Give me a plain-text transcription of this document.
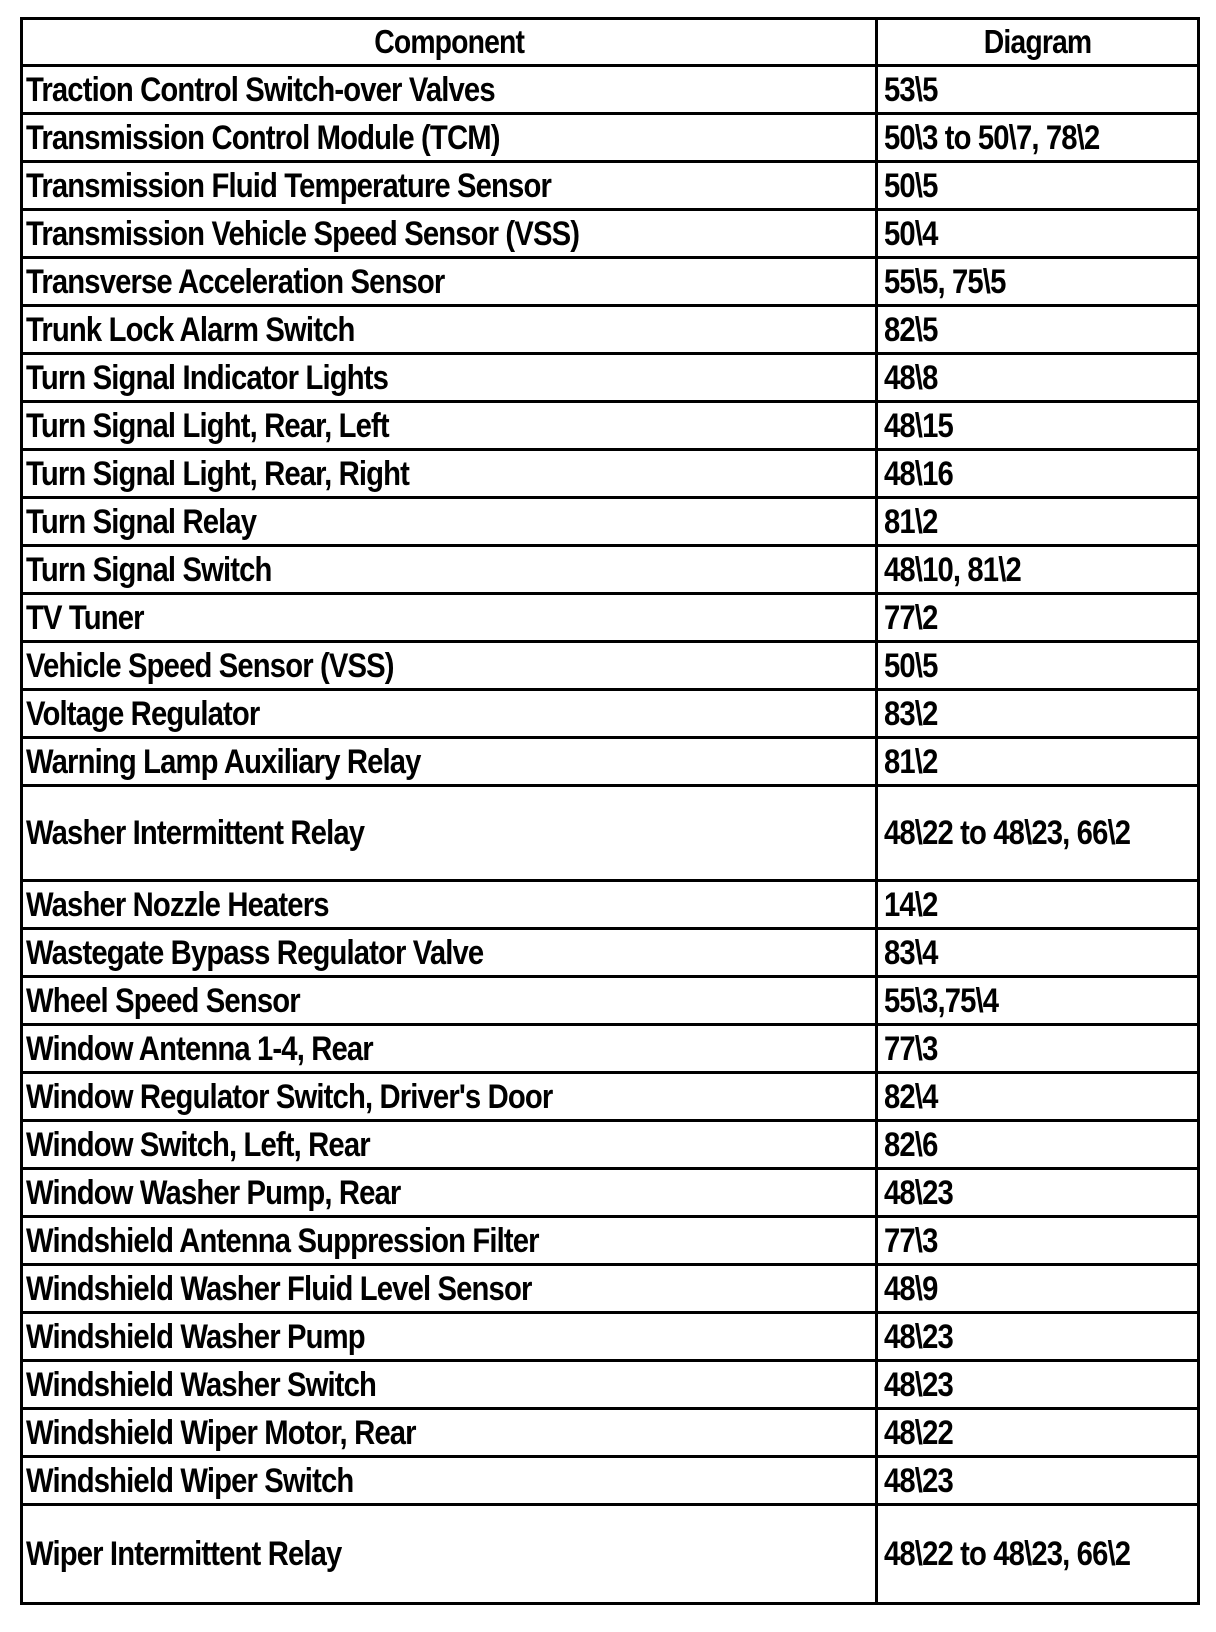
Component	Diagram
Traction Control Switch-over Valves	53\5
Transmission Control Module (TCM)	50\3 to 50\7, 78\2
Transmission Fluid Temperature Sensor	50\5
Transmission Vehicle Speed Sensor (VSS)	50\4
Transverse Acceleration Sensor	55\5, 75\5
Trunk Lock Alarm Switch	82\5
Turn Signal Indicator Lights	48\8
Turn Signal Light, Rear, Left	48\15
Turn Signal Light, Rear, Right	48\16
Turn Signal Relay	81\2
Turn Signal Switch	48\10, 81\2
TV Tuner	77\2
Vehicle Speed Sensor (VSS)	50\5
Voltage Regulator	83\2
Warning Lamp Auxiliary Relay	81\2
Washer Intermittent Relay	48\22 to 48\23, 66\2
Washer Nozzle Heaters	14\2
Wastegate Bypass Regulator Valve	83\4
Wheel Speed Sensor	55\3,75\4
Window Antenna 1-4, Rear	77\3
Window Regulator Switch, Driver's Door	82\4
Window Switch, Left, Rear	82\6
Window Washer Pump, Rear	48\23
Windshield Antenna Suppression Filter	77\3
Windshield Washer Fluid Level Sensor	48\9
Windshield Washer Pump	48\23
Windshield Washer Switch	48\23
Windshield Wiper Motor, Rear	48\22
Windshield Wiper Switch	48\23
Wiper Intermittent Relay	48\22 to 48\23, 66\2
